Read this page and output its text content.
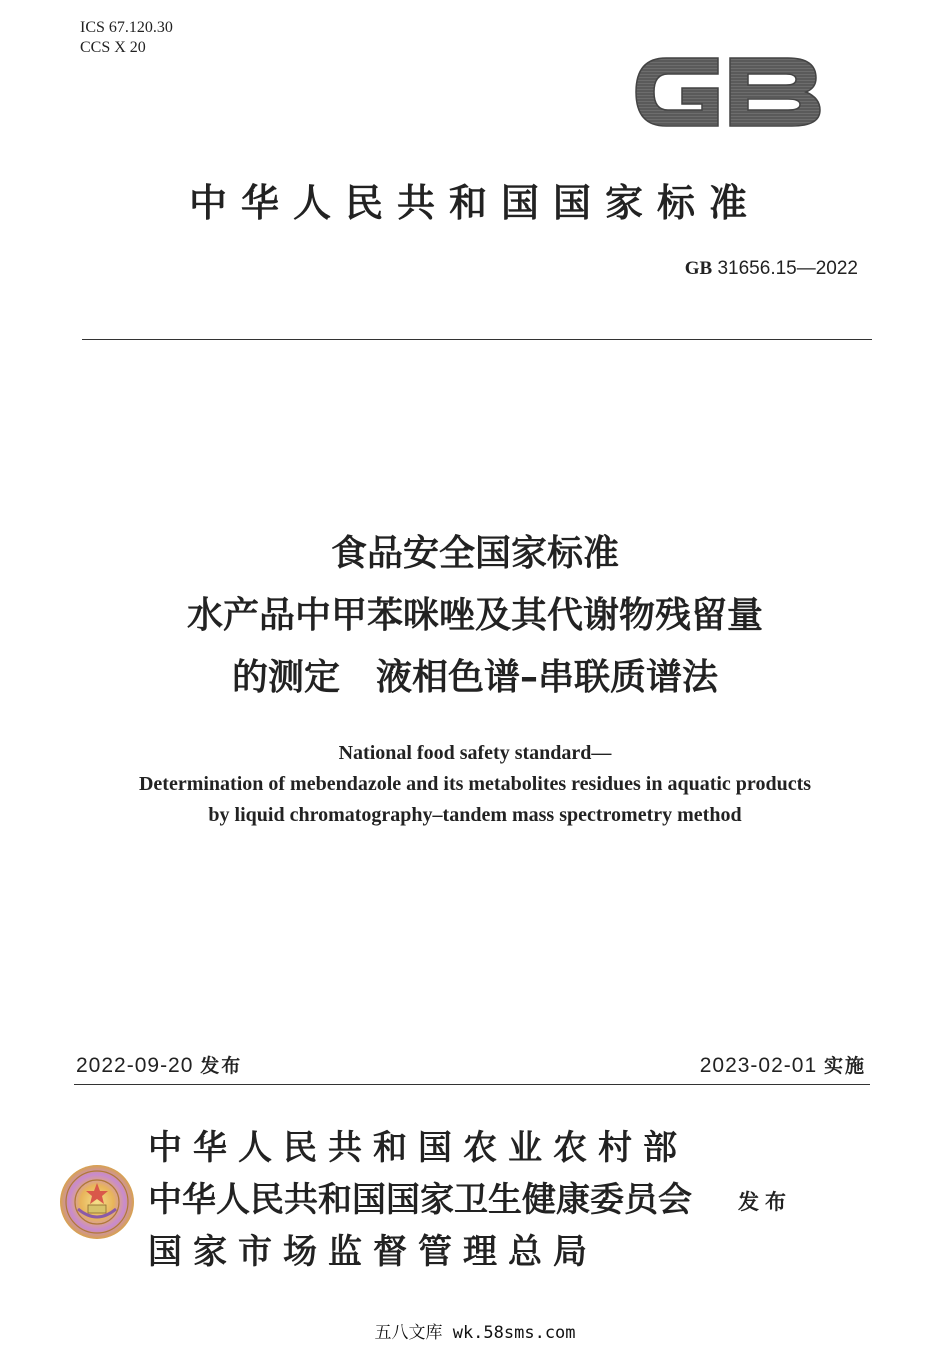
ICS 67.120.30
CCS X 20	GB
中华人民共和国国家标准
GB 31656.15—2022
食品安全国家标准
水产品中甲苯咪唑及其代谢物残留量
的测定　液相色谱–串联质谱法
National food safety standard—
Determination of mebendazole and its metabolites residues in aquatic products
by liquid chromatography–tandem mass spectrometry method
2022-09-20 发布	2023-02-01 实施
中华人民共和国农业农村部
中华人民共和国国家卫生健康委员会
国家市场监督管理总局
发布
五八文库 wk.58sms.com
